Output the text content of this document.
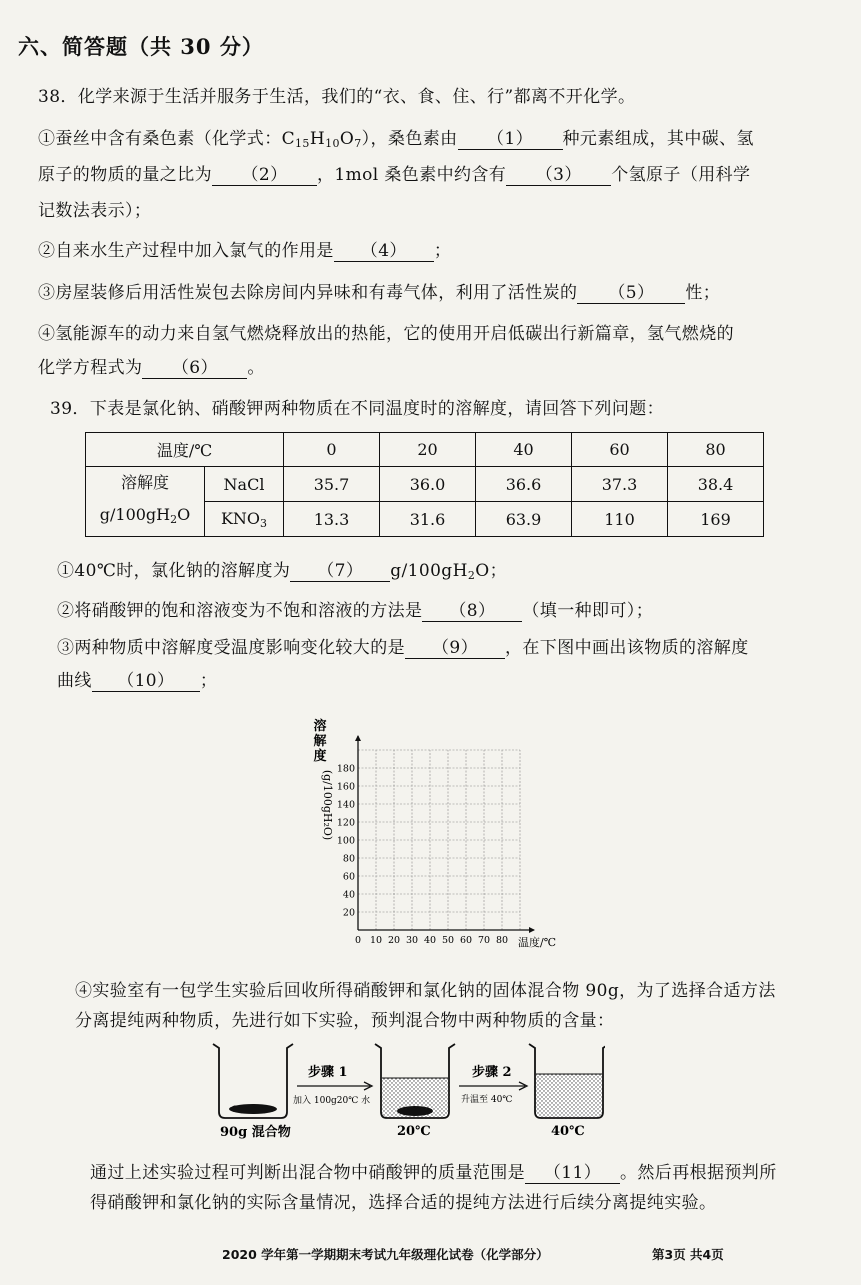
六、简答题（共 30 分）
38．化学来源于生活并服务于生活，我们的“衣、食、住、行”都离不开化学。
①蚕丝中含有桑色素（化学式：$C_{15}H_{10}O_7$），桑色素由 （1） 种元素组成，其中碳、氢
原子的物质的量之比为 （2） ，1mol 桑色素中约含有 （3） 个氢原子（用科学
记数法表示）；
②自来水生产过程中加入氯气的作用是 （4） ；
③房屋装修后用活性炭包去除房间内异味和有毒气体，利用了活性炭的 （5） 性；
④氢能源车的动力来自氢气燃烧释放出的热能，它的使用开启低碳出行新篇章，氢气燃烧的
化学方程式为 （6） 。
39．下表是氯化钠、硝酸钾两种物质在不同温度时的溶解度，请回答下列问题：
温度/℃		0	20	40	60	80

溶解度
$g/100gH_2O$	NaCl	35.7	36.0	36.6	37.3	38.4
	$KNO_3$	13.3	31.6	63.9	110	169
①40℃时，氯化钠的溶解度为 （7） $g/100gH_2O$；
②将硝酸钾的饱和溶液变为不饱和溶液的方法是 （8） （填一种即可）；
③两种物质中溶解度受温度影响变化较大的是 （9） ，在下图中画出该物质的溶解度
曲线 （10） ；
溶
解
度
(g/100gH₂O)
温度/℃
0 10 20 30 40 50 60 70 80
20
40
60
80
100
120
140
160
180
④实验室有一包学生实验后回收所得硝酸钾和氯化钠的固体混合物 90g，为了选择合适方法
分离提纯两种物质，先进行如下实验，预判混合物中两种物质的含量：
90g 混合物
步骤 1
加入 100g20℃ 水
20℃
步骤 2
升温至 40℃
40℃
通过上述实验过程可判断出混合物中硝酸钾的质量范围是 （11） 。然后再根据预判所
得硝酸钾和氯化钠的实际含量情况，选择合适的提纯方法进行后续分离提纯实验。
2020 学年第一学期期末考试九年级理化试卷（化学部分）	第3页 共4页
